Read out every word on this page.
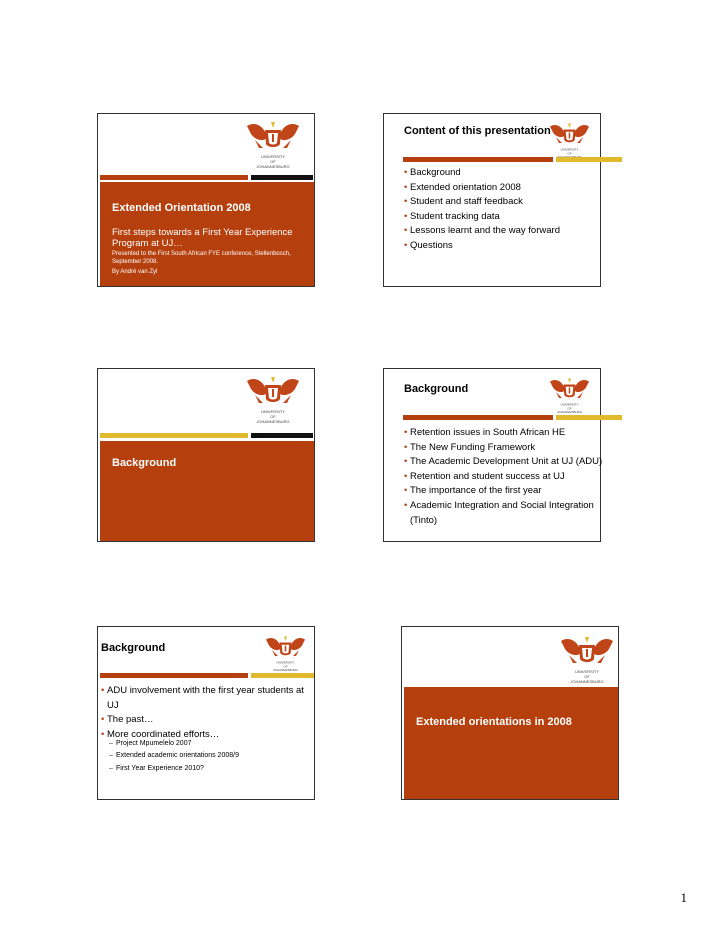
UNIVERSITY
OF
JOHANNESBURG
Extended Orientation 2008
First steps towards a First Year Experience Program at UJ…
Presented to the First South African FYE conference, Stellenbosch, September 2008.
By André van Zyl
Content of this presentation
UNIVERSITY
OF
• Background
• Extended orientation 2008
• Student and staff feedback
• Student tracking data
• Lessons learnt and the way forward
• Questions
UNIVERSITY
OF
JOHANNESBURG
Background
Background
UNIVERSITY
OF
JOHANNESBURG
• Retention issues in South African HE
• The New Funding Framework
• The Academic Development Unit at UJ (ADU)
• Retention and student success at UJ
• The importance of the first year
• Academic Integration and Social Integration (Tinto)
Background
UNIVERSITY
OF
JOHANNESBURG
• ADU involvement with the first year students at UJ
• The past…
• More coordinated efforts…
– Project Mpumelelo 2007
– Extended academic orientations 2008/9
– First Year Experience 2010?
UNIVERSITY
OF
JOHANNESBURG
Extended orientations in 2008
1
